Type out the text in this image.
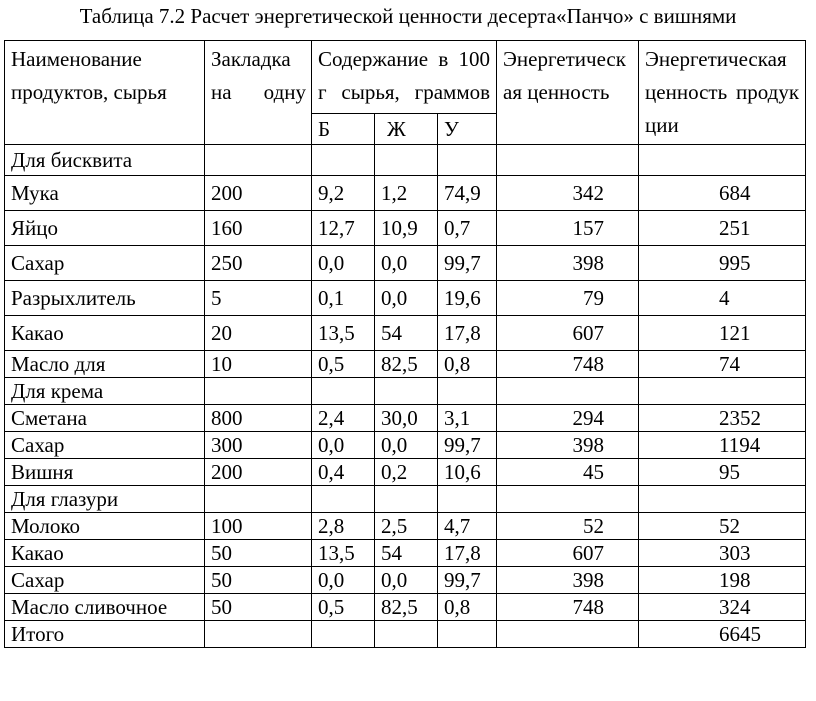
Таблица 7.2 Расчет энергетической ценности десерта«Панчо» с вишнями
Наименование продуктов, сырья	Закладка на одну	Содержание в 100 г сырья, граммов			Энергетическая ценность	Энергетическая ценность продукции

		Б	Ж	У		
Для бисквита						
Мука	200	9,2	1,2	74,9	342	684
Яйцо	160	12,7	10,9	0,7	157	251
Сахар	250	0,0	0,0	99,7	398	995
Разрыхлитель	5	0,1	0,0	19,6	79	4
Какао	20	13,5	54	17,8	607	121
Масло для	10	0,5	82,5	0,8	748	74
Для крема						
Сметана	800	2,4	30,0	3,1	294	2352
Сахар	300	0,0	0,0	99,7	398	1194
Вишня	200	0,4	0,2	10,6	45	95
Для глазури						
Молоко	100	2,8	2,5	4,7	52	52
Какао	50	13,5	54	17,8	607	303
Сахар	50	0,0	0,0	99,7	398	198
Масло сливочное	50	0,5	82,5	0,8	748	324
Итого						6645
